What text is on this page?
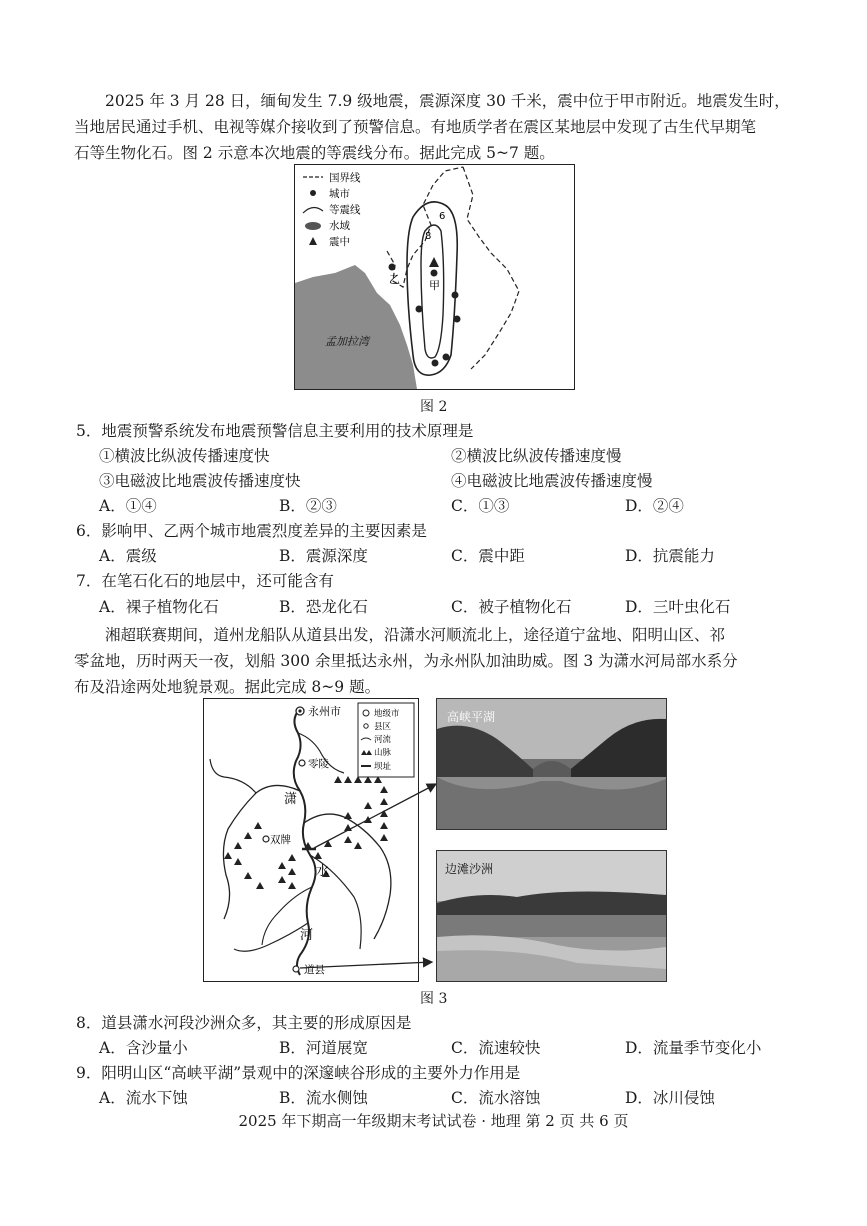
2025 年 3 月 28 日，缅甸发生 7.9 级地震，震源深度 30 千米，震中位于甲市附近。地震发生时，
当地居民通过手机、电视等媒介接收到了预警信息。有地质学者在震区某地层中发现了古生代早期笔
石等生物化石。图 2 示意本次地震的等震线分布。据此完成 5~7 题。

6
8
甲
乙
孟加拉湾
国界线
城市
等震线
水域
震中
图 2
5．地震预警系统发布地震预警信息主要利用的技术原理是
①横波比纵波传播速度快	②横波比纵波传播速度慢
③电磁波比地震波传播速度快	④电磁波比地震波传播速度慢
A．①④	B．②③	C．①③	D．②④
6．影响甲、乙两个城市地震烈度差异的主要因素是
A．震级	B．震源深度	C．震中距	D．抗震能力
7．在笔石化石的地层中，还可能含有
A．裸子植物化石	B．恐龙化石	C．被子植物化石	D．三叶虫化石

湘超联赛期间，道州龙船队从道县出发，沿潇水河顺流北上，途径道宁盆地、阳明山区、祁
零盆地，历时两天一夜，划船 300 余里抵达永州，为永州队加油助威。图 3 为潇水河局部水系分
布及沿途两处地貌景观。据此完成 8~9 题。

永州市
零陵
双牌
道县
潇
水
河
地级市
县区
河流
山脉
坝址
高峡平湖
边滩沙洲
图 3
8．道县潇水河段沙洲众多，其主要的形成原因是
A．含沙量小	B．河道展宽	C．流速较快	D．流量季节变化小
9．阳明山区“高峡平湖”景观中的深邃峡谷形成的主要外力作用是
A．流水下蚀	B．流水侧蚀	C．流水溶蚀	D．冰川侵蚀
2025 年下期高一年级期末考试试卷 · 地理 第 2 页 共 6 页
